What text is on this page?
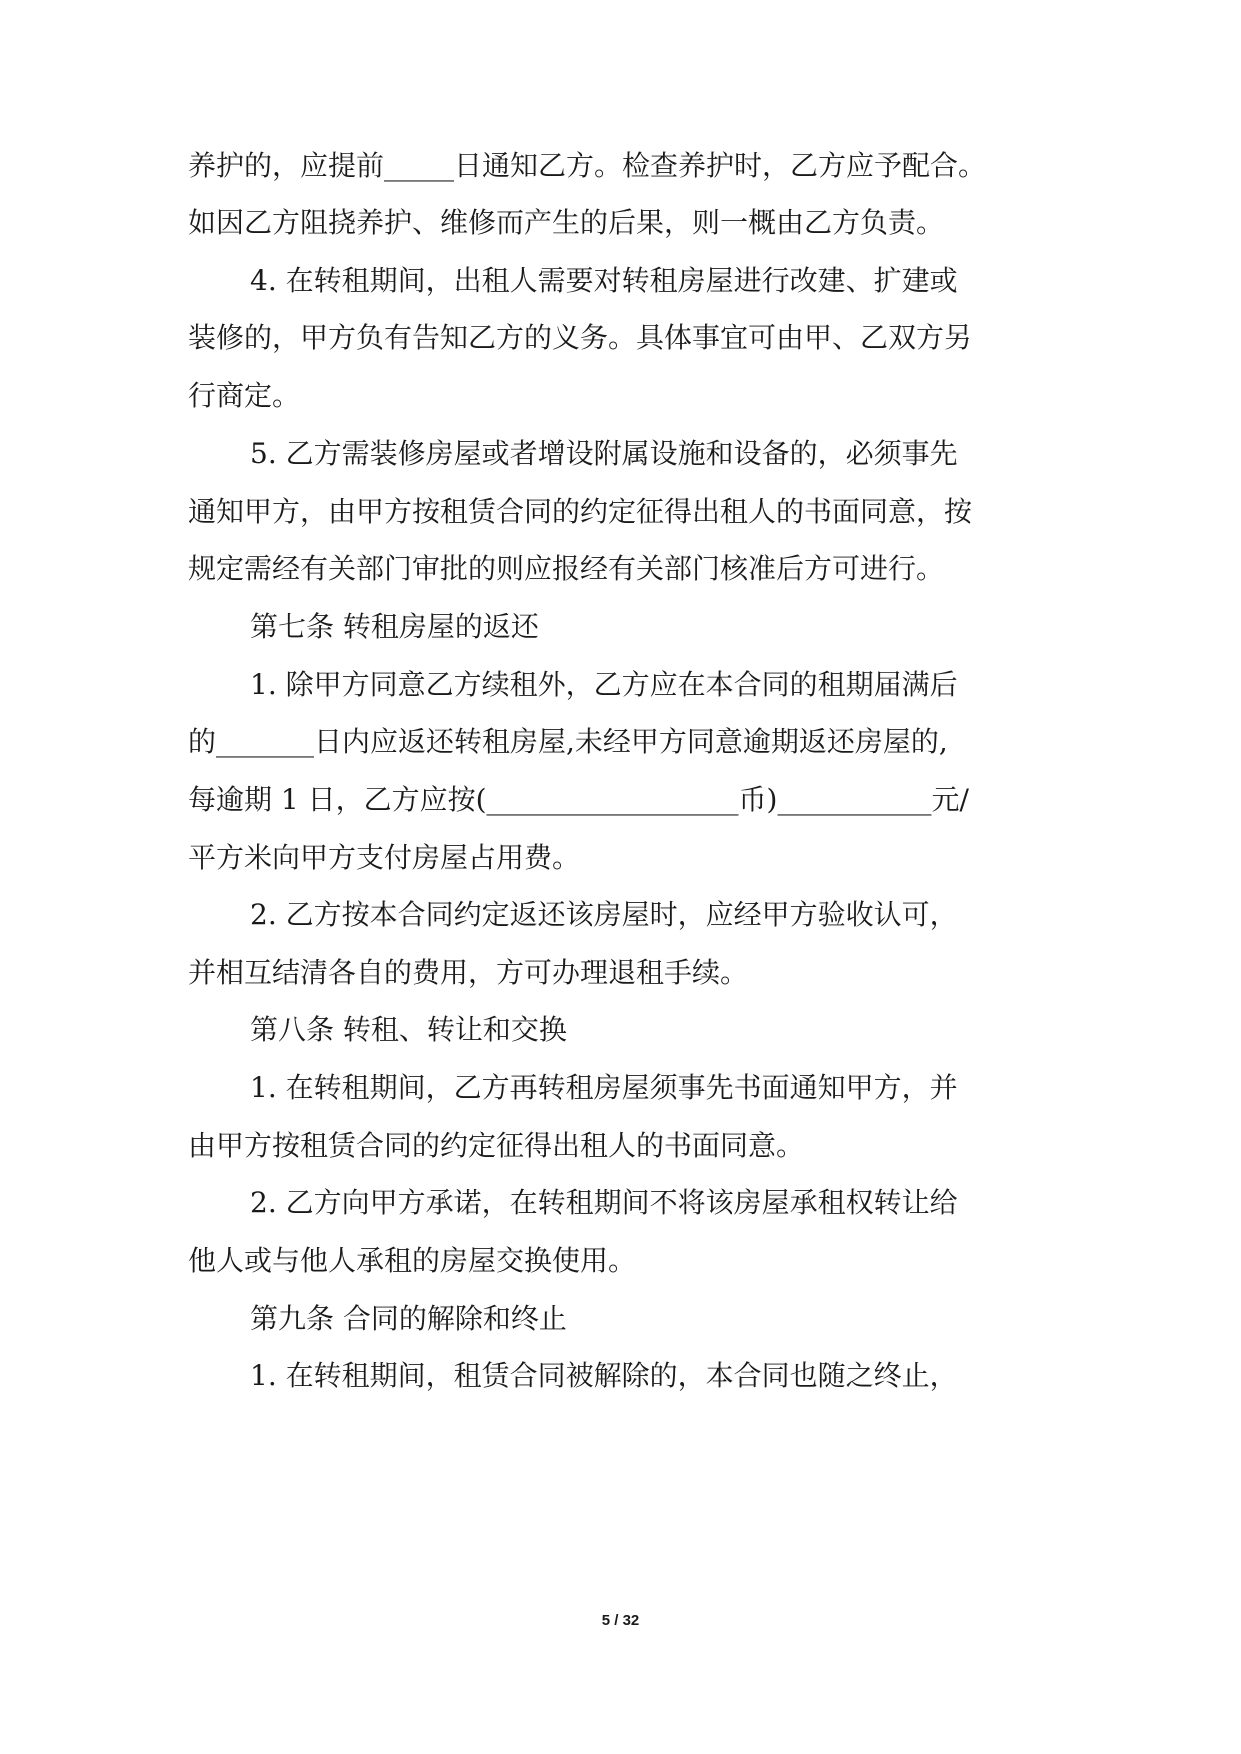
养护的，应提前_____日通知乙方。检查养护时，乙方应予配合。
如因乙方阻挠养护、维修而产生的后果，则一概由乙方负责。
4. 在转租期间，出租人需要对转租房屋进行改建、扩建或
装修的，甲方负有告知乙方的义务。具体事宜可由甲、乙双方另
行商定。
5. 乙方需装修房屋或者增设附属设施和设备的，必须事先
通知甲方，由甲方按租赁合同的约定征得出租人的书面同意，按
规定需经有关部门审批的则应报经有关部门核准后方可进行。
第七条 转租房屋的返还
1. 除甲方同意乙方续租外，乙方应在本合同的租期届满后
的_______日内应返还转租房屋,未经甲方同意逾期返还房屋的,
每逾期 1 日，乙方应按(__________________币)___________元/
平方米向甲方支付房屋占用费。
2. 乙方按本合同约定返还该房屋时，应经甲方验收认可，
并相互结清各自的费用，方可办理退租手续。
第八条 转租、转让和交换
1. 在转租期间，乙方再转租房屋须事先书面通知甲方，并
由甲方按租赁合同的约定征得出租人的书面同意。
2. 乙方向甲方承诺，在转租期间不将该房屋承租权转让给
他人或与他人承租的房屋交换使用。
第九条 合同的解除和终止
1. 在转租期间，租赁合同被解除的，本合同也随之终止，
5 / 32
